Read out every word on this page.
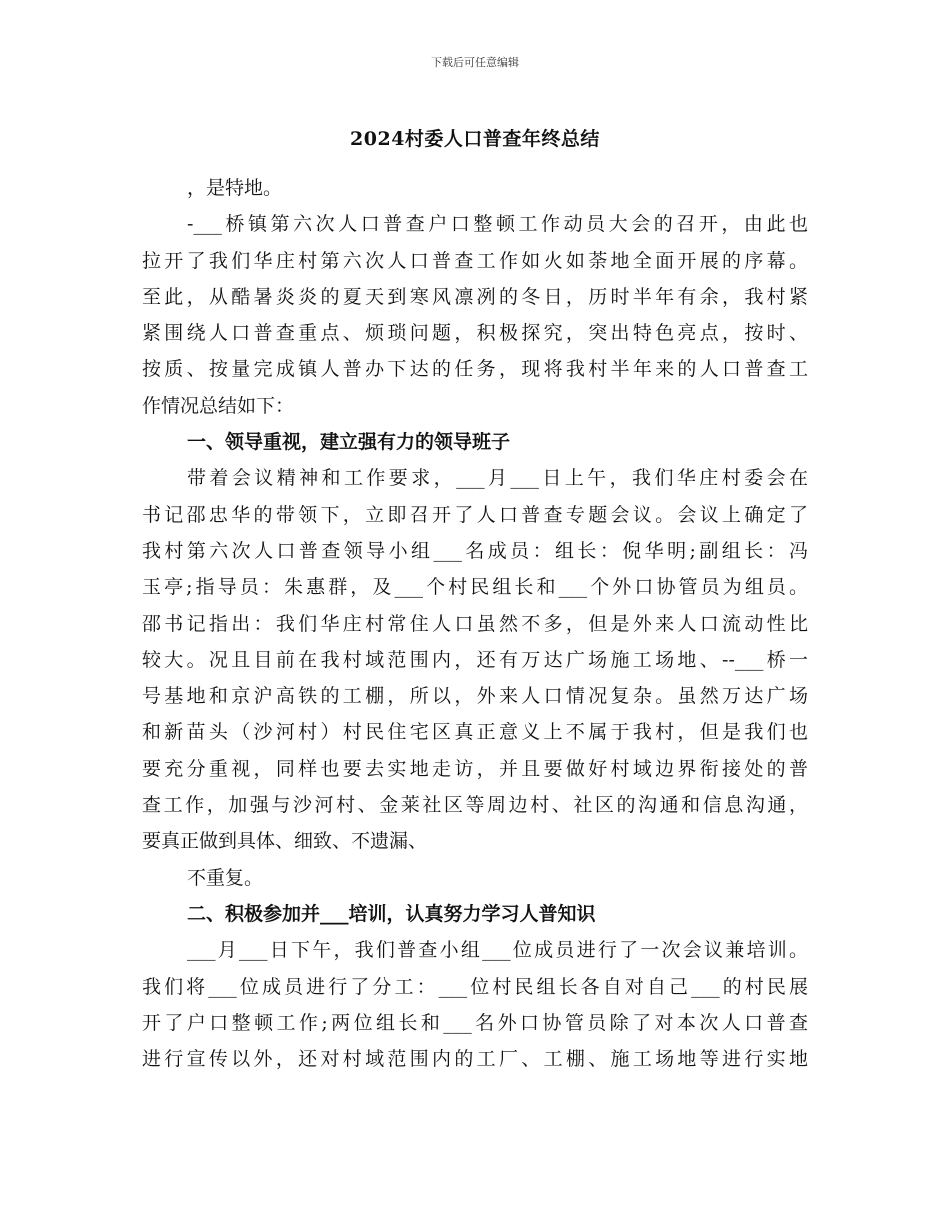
下载后可任意编辑
2024村委人口普查年终总结
，是特地。
-___桥镇第六次人口普查户口整顿工作动员大会的召开，由此也
拉开了我们华庄村第六次人口普查工作如火如荼地全面开展的序幕。
至此，从酷暑炎炎的夏天到寒风凛冽的冬日，历时半年有余，我村紧
紧围绕人口普查重点、烦琐问题，积极探究，突出特色亮点，按时、
按质、按量完成镇人普办下达的任务，现将我村半年来的人口普查工
作情况总结如下：
一、领导重视，建立强有力的领导班子
带着会议精神和工作要求，___月___日上午，我们华庄村委会在
书记邵忠华的带领下，立即召开了人口普查专题会议。会议上确定了
我村第六次人口普查领导小组___名成员：组长：倪华明;副组长：冯
玉亭;指导员：朱惠群，及___个村民组长和___个外口协管员为组员。
邵书记指出：我们华庄村常住人口虽然不多，但是外来人口流动性比
较大。况且目前在我村域范围内，还有万达广场施工场地、--___桥一
号基地和京沪高铁的工棚，所以，外来人口情况复杂。虽然万达广场
和新苗头（沙河村）村民住宅区真正意义上不属于我村，但是我们也
要充分重视，同样也要去实地走访，并且要做好村域边界衔接处的普
查工作，加强与沙河村、金莱社区等周边村、社区的沟通和信息沟通，
要真正做到具体、细致、不遗漏、
不重复。
二、积极参加并___培训，认真努力学习人普知识
___月___日下午，我们普查小组___位成员进行了一次会议兼培训。
我们将___位成员进行了分工：___位村民组长各自对自己___的村民展
开了户口整顿工作;两位组长和___名外口协管员除了对本次人口普查
进行宣传以外，还对村域范围内的工厂、工棚、施工场地等进行实地
